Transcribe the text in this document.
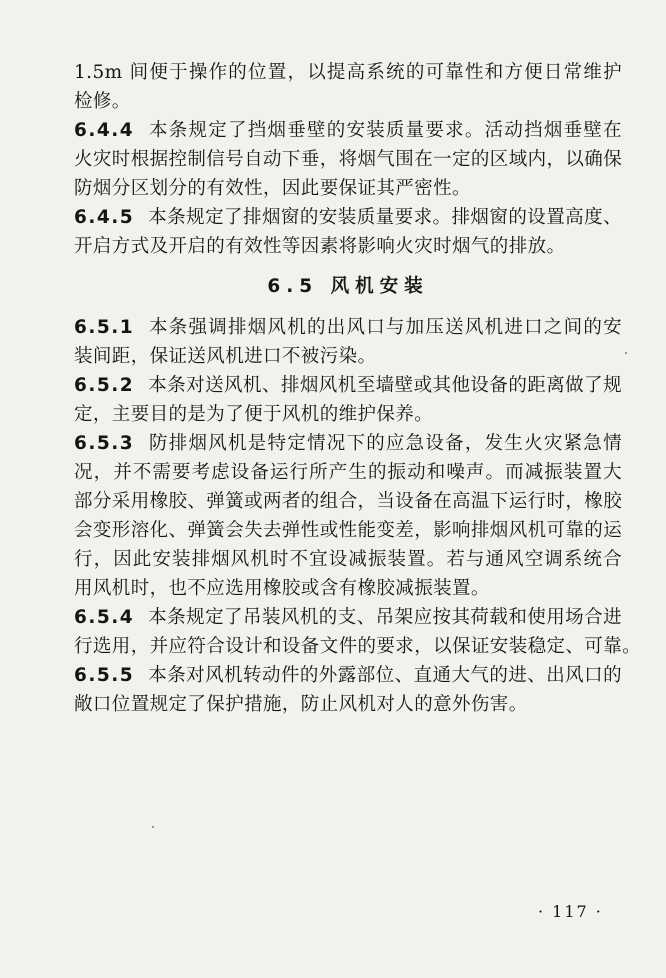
1.5m 间便于操作的位置，以提高系统的可靠性和方便日常维护
检修。
6.4.4 本条规定了挡烟垂壁的安装质量要求。活动挡烟垂壁在
火灾时根据控制信号自动下垂，将烟气围在一定的区域内，以确保
防烟分区划分的有效性，因此要保证其严密性。
6.4.5 本条规定了排烟窗的安装质量要求。排烟窗的设置高度、
开启方式及开启的有效性等因素将影响火灾时烟气的排放。
6.5 风机安装
6.5.1 本条强调排烟风机的出风口与加压送风机进口之间的安
装间距，保证送风机进口不被污染。
6.5.2 本条对送风机、排烟风机至墙壁或其他设备的距离做了规
定，主要目的是为了便于风机的维护保养。
6.5.3 防排烟风机是特定情况下的应急设备，发生火灾紧急情
况，并不需要考虑设备运行所产生的振动和噪声。而减振装置大
部分采用橡胶、弹簧或两者的组合，当设备在高温下运行时，橡胶
会变形溶化、弹簧会失去弹性或性能变差，影响排烟风机可靠的运
行，因此安装排烟风机时不宜设减振装置。若与通风空调系统合
用风机时，也不应选用橡胶或含有橡胶减振装置。
6.5.4 本条规定了吊装风机的支、吊架应按其荷载和使用场合进
行选用，并应符合设计和设备文件的要求，以保证安装稳定、可靠。
6.5.5 本条对风机转动件的外露部位、直通大气的进、出风口的
敞口位置规定了保护措施，防止风机对人的意外伤害。
· 117 ·
